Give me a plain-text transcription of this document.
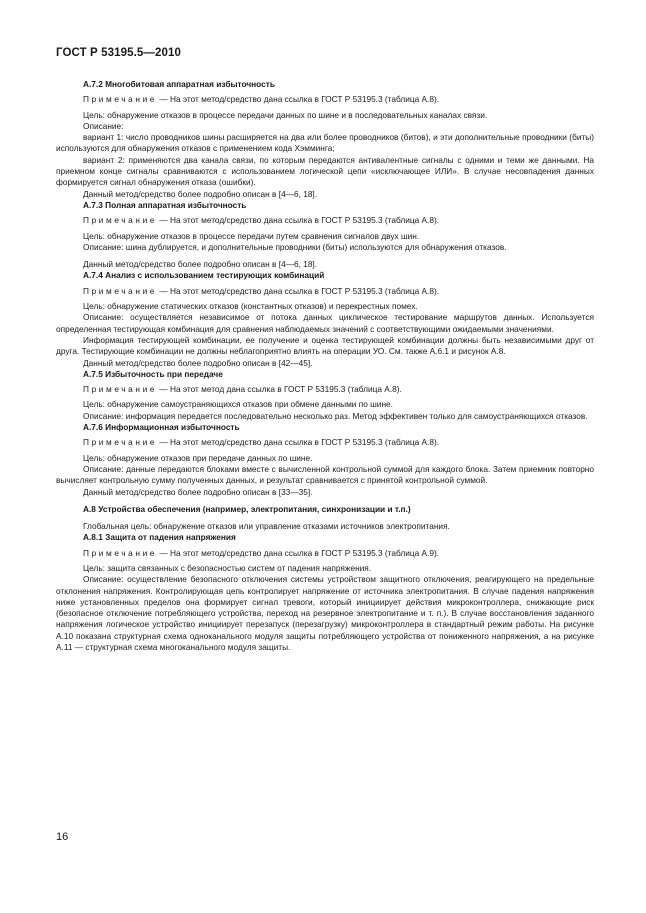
ГОСТ Р 53195.5—2010
А.7.2 Многобитовая аппаратная избыточность

Примечание — На этот метод/средство дана ссылка в ГОСТ Р 53195.3 (таблица А.8).

Цель: обнаружение отказов в процессе передачи данных по шине и в последовательных каналах связи.

Описание:

вариант 1: число проводников шины расширяется на два или более проводников (битов), и эти дополнительные проводники (биты) используются для обнаружения отказов с применением кода Хэмминга;

вариант 2: применяются два канала связи, по которым передаются антивалентные сигналы с одними и теми же данными. На приемном конце сигналы сравниваются с использованием логической цепи «исключающее ИЛИ». В случае несовпадения данных формируется сигнал обнаружения отказа (ошибки).

Данный метод/средство более подробно описан в [4—6, 18].

А.7.3 Полная аппаратная избыточность

Примечание — На этот метод/средство дана ссылка в ГОСТ Р 53195.3 (таблица А.8).

Цель: обнаружение отказов в процессе передачи путем сравнения сигналов двух шин.

Описание: шина дублируется, и дополнительные проводники (биты) используются для обнаружения отказов.

Данный метод/средство более подробно описан в [4—6, 18].

А.7.4 Анализ с использованием тестирующих комбинаций

Примечание — На этот метод/средство дана ссылка в ГОСТ Р 53195.3 (таблица А.8).

Цель: обнаружение статических отказов (константных отказов) и перекрестных помех.

Описание: осуществляется независимое от потока данных циклическое тестирование маршрутов данных. Используется определенная тестирующая комбинация для сравнения наблюдаемых значений с соответствующими ожидаемыми значениями.

Информация тестирующей комбинации, ее получение и оценка тестирующей комбинации должны быть независимыми друг от друга. Тестирующие комбинации не должны неблагоприятно влиять на операции УО. См. также А.6.1 и рисунок А.8.

Данный метод/средство более подробно описан в [42—45].

А.7.5 Избыточность при передаче

Примечание — На этот метод дана ссылка в ГОСТ Р 53195.3 (таблица А.8).

Цель: обнаружение самоустраняющихся отказов при обмене данными по шине.

Описание: информация передается последовательно несколько раз. Метод эффективен только для самоустраняющихся отказов.

А.7.6 Информационная избыточность

Примечание — На этот метод/средство дана ссылка в ГОСТ Р 53195.3 (таблица А.8).

Цель: обнаружение отказов при передаче данных по шине.

Описание: данные передаются блоками вместе с вычисленной контрольной суммой для каждого блока. Затем приемник повторно вычисляет контрольную сумму полученных данных, и результат сравнивается с принятой контрольной суммой.

Данный метод/средство более подробно описан в [33—35].

А.8 Устройства обеспечения (например, электропитания, синхронизации и т.п.)

Глобальная цель: обнаружение отказов или управление отказами источников электропитания.

А.8.1 Защита от падения напряжения

Примечание — На этот метод/средство дана ссылка в ГОСТ Р 53195.3 (таблица А.9).

Цель: защита связанных с безопасностью систем от падения напряжения.

Описание: осуществление безопасного отключения системы устройством защитного отключения, реагирующего на предельные отклонения напряжения. Контролирующая цепь контролирует напряжение от источника электропитания. В случае падения напряжения ниже установленных пределов она формирует сигнал тревоги, который инициирует действия микроконтроллера, снижающие риск (безопасное отключение потребляющего устройства, переход на резервное электропитание и т. п.). В случае восстановления заданного напряжения логическое устройство инициирует перезапуск (перезагрузку) микроконтроллера в стандартный режим работы. На рисунке А.10 показана структурная схема одноканального модуля защиты потребляющего устройства от пониженного напряжения, а на рисунке А.11 — структурная схема многоканального модуля защиты.

16
